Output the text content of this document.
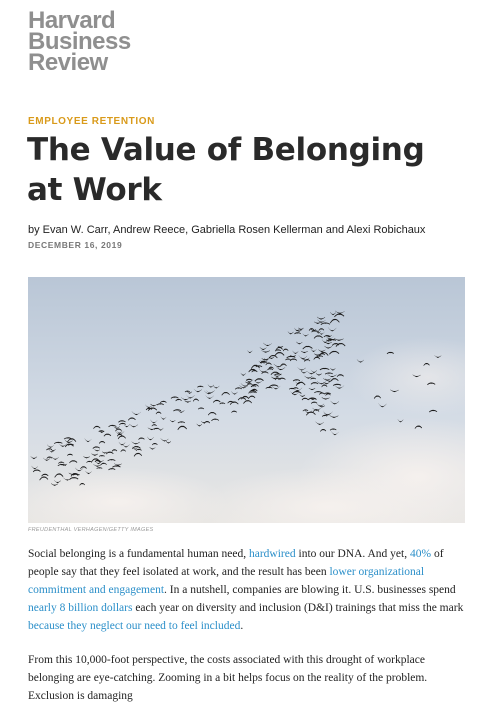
Harvard
Business
Review
EMPLOYEE RETENTION
The Value of Belonging at Work
by Evan W. Carr, Andrew Reece, Gabriella Rosen Kellerman and Alexi Robichaux
DECEMBER 16, 2019
FREUDENTHAL VERHAGEN/GETTY IMAGES

Social belonging is a fundamental human need, hardwired into our DNA. And yet, 40% of people say that they feel isolated at work, and the result has been lower organizational commitment and engagement. In a nutshell, companies are blowing it. U.S. businesses spend nearly 8 billion dollars each year on diversity and inclusion (D&I) trainings that miss the mark because they neglect our need to feel included.

From this 10,000-foot perspective, the costs associated with this drought of workplace belonging are eye-catching. Zooming in a bit helps focus on the reality of the problem. Exclusion is damaging
